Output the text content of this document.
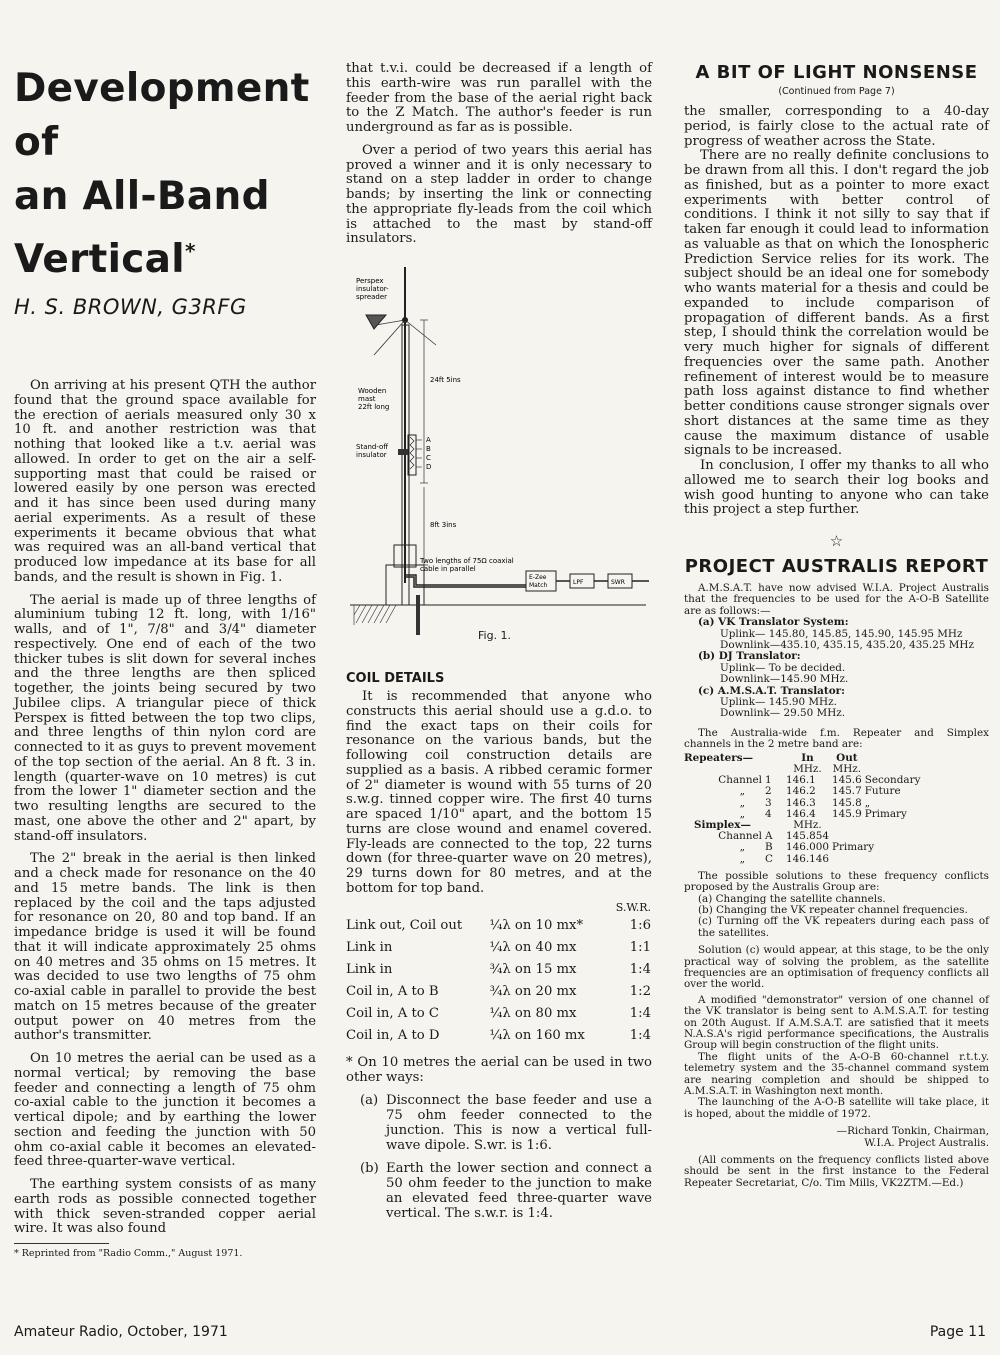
Development of
an All-Band
Vertical*
H. S. BROWN, G3RFG

On arriving at his present QTH the author found that the ground space available for the erection of aerials measured only 30 x 10 ft. and another restriction was that nothing that looked like a t.v. aerial was allowed. In order to get on the air a self-supporting mast that could be raised or lowered easily by one person was erected and it has since been used during many aerial experiments. As a result of these experiments it became obvious that what was required was an all-band vertical that produced low impedance at its base for all bands, and the result is shown in Fig. 1.

The aerial is made up of three lengths of aluminium tubing 12 ft. long, with 1/16" walls, and of 1", 7/8" and 3/4" diameter respectively. One end of each of the two thicker tubes is slit down for several inches and the three lengths are then spliced together, the joints being secured by two Jubilee clips. A triangular piece of thick Perspex is fitted between the top two clips, and three lengths of thin nylon cord are connected to it as guys to prevent movement of the top section of the aerial. An 8 ft. 3 in. length (quarter-wave on 10 metres) is cut from the lower 1" diameter section and the two resulting lengths are secured to the mast, one above the other and 2" apart, by stand-off insulators.

The 2" break in the aerial is then linked and a check made for resonance on the 40 and 15 metre bands. The link is then replaced by the coil and the taps adjusted for resonance on 20, 80 and top band. If an impedance bridge is used it will be found that it will indicate approximately 25 ohms on 40 metres and 35 ohms on 15 metres. It was decided to use two lengths of 75 ohm co-axial cable in parallel to provide the best match on 15 metres because of the greater output power on 40 metres from the author's transmitter.

On 10 metres the aerial can be used as a normal vertical; by removing the base feeder and connecting a length of 75 ohm co-axial cable to the junction it becomes a vertical dipole; and by earthing the lower section and feeding the junction with 50 ohm co-axial cable it becomes an elevated-feed three-quarter-wave vertical.

The earthing system consists of as many earth rods as possible connected together with thick seven-stranded copper aerial wire. It was also found

* Reprinted from "Radio Comm.," August 1971.

that t.v.i. could be decreased if a length of this earth-wire was run parallel with the feeder from the base of the aerial right back to the Z Match. The author's feeder is run underground as far as is possible.

Over a period of two years this aerial has proved a winner and it is only necessary to stand on a step ladder in order to change bands; by inserting the link or connecting the appropriate fly-leads from the coil which is attached to the mast by stand-off insulators.

Perspex
insulator-
spreader
Wooden
mast
22ft long
24ft 5ins
Stand-off
insulator
A
B
C
D
8ft 3ins
Two lengths of 75Ω coaxial
cable in parallel
E-Zee
Match	LPF	SWR
Fig. 1.
COIL DETAILS

It is recommended that anyone who constructs this aerial should use a g.d.o. to find the exact taps on their coils for resonance on the various bands, but the following coil construction details are supplied as a basis. A ribbed ceramic former of 2" diameter is wound with 55 turns of 20 s.w.g. tinned copper wire. The first 40 turns are spaced 1/10" apart, and the bottom 15 turns are close wound and enamel covered. Fly-leads are connected to the top, 22 turns down (for three-quarter wave on 20 metres), 29 turns down for 80 metres, and at the bottom for top band.

		S.W.R.
Link out, Coil out	¼λ on 10 mx*	1:6
Link in	¼λ on 40 mx	1:1
Link in	¾λ on 15 mx	1:4
Coil in, A to B	¾λ on 20 mx	1:2
Coil in, A to C	¼λ on 80 mx	1:4
Coil in, A to D	¼λ on 160 mx	1:4
* On 10 metres the aerial can be used in two other ways:
(a) Disconnect the base feeder and use a 75 ohm feeder connected to the junction. This is now a vertical full-wave dipole. S.wr. is 1:6.
(b) Earth the lower section and connect a 50 ohm feeder to the junction to make an elevated feed three-quarter wave vertical. The s.w.r. is 1:4.
A BIT OF LIGHT NONSENSE
(Continued from Page 7)

the smaller, corresponding to a 40-day period, is fairly close to the actual rate of progress of weather across the State.

There are no really definite conclusions to be drawn from all this. I don't regard the job as finished, but as a pointer to more exact experiments with better control of conditions. I think it not silly to say that if taken far enough it could lead to information as valuable as that on which the Ionospheric Prediction Service relies for its work. The subject should be an ideal one for somebody who wants material for a thesis and could be expanded to include comparison of propagation of different bands. As a first step, I should think the correlation would be very much higher for signals of different frequencies over the same path. Another refinement of interest would be to measure path loss against distance to find whether better conditions cause stronger signals over short distances at the same time as they cause the maximum distance of usable signals to be increased.

In conclusion, I offer my thanks to all who allowed me to search their log books and wish good hunting to anyone who can take this project a step further.

☆
PROJECT AUSTRALIS REPORT

A.M.S.A.T. have now advised W.I.A. Project Australis that the frequencies to be used for the A-O-B Satellite are as follows:—

(a) VK Translator System:

Uplink— 145.80, 145.85, 145.90, 145.95 MHz

Downlink—435.10, 435.15, 435.20, 435.25 MHz

(b) DJ Translator:

Uplink— To be decided.

Downlink—145.90 MHz.

(c) A.M.S.A.T. Translator:

Uplink— 145.90 MHz.

Downlink— 29.50 MHz.

The Australia-wide f.m. Repeater and Simplex channels in the 2 metre band are:

Repeaters—		In	Out	
		MHz.	MHz.	
Channel	1	146.1	145.6	Secondary
„	2	146.2	145.7	Future
„	3	146.3	145.8	„
„	4	146.4	145.9	Primary
Simplex—		MHz.		
Channel	A	145.854		
„	B	146.000	Primary	
„	C	146.146		

The possible solutions to these frequency conflicts proposed by the Australis Group are:

(a) Changing the satellite channels.

(b) Changing the VK repeater channel frequencies.

(c) Turning off the VK repeaters during each pass of the satellites.

Solution (c) would appear, at this stage, to be the only practical way of solving the problem, as the satellite frequencies are an optimisation of frequency conflicts all over the world.

A modified "demonstrator" version of one channel of the VK translator is being sent to A.M.S.A.T. for testing on 20th August. If A.M.S.A.T. are satisfied that it meets N.A.S.A's rigid performance specifications, the Australis Group will begin construction of the flight units.

The flight units of the A-O-B 60-channel r.t.t.y. telemetry system and the 35-channel command system are nearing completion and should be shipped to A.M.S.A.T. in Washington next month.

The launching of the A-O-B satellite will take place, it is hoped, about the middle of 1972.

—Richard Tonkin, Chairman,

W.I.A. Project Australis.

(All comments on the frequency conflicts listed above should be sent in the first instance to the Federal Repeater Secretariat, C/o. Tim Mills, VK2ZTM.—Ed.)

Amateur Radio, October, 1971	Page 11
